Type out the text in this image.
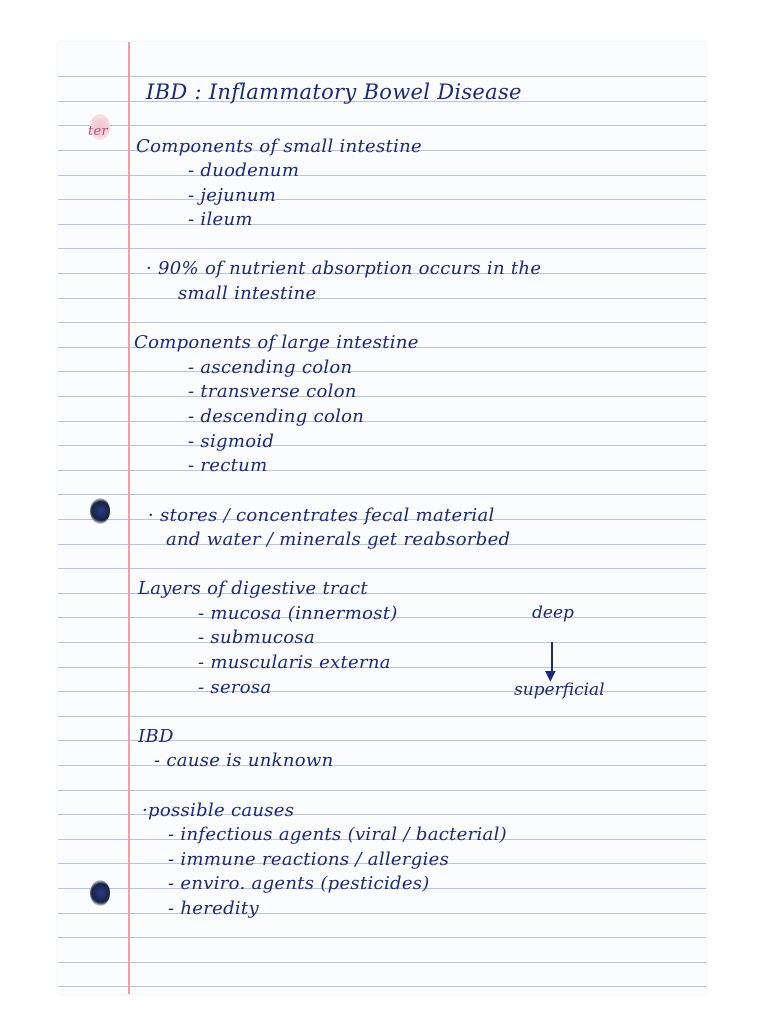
ter
IBD : Inflammatory Bowel Disease
Components of small intestine
- duodenum
- jejunum
- ileum
· 90% of nutrient absorption occurs in the
small intestine
Components of large intestine
- ascending colon
- transverse colon
- descending colon
- sigmoid
- rectum
· stores / concentrates fecal material
and water / minerals get reabsorbed
Layers of digestive tract
- mucosa (innermost)
- submucosa
- muscularis externa
- serosa
deep
▼
superficial
IBD
- cause is unknown
·possible causes
- infectious agents (viral / bacterial)
- immune reactions / allergies
- enviro. agents (pesticides)
- heredity
